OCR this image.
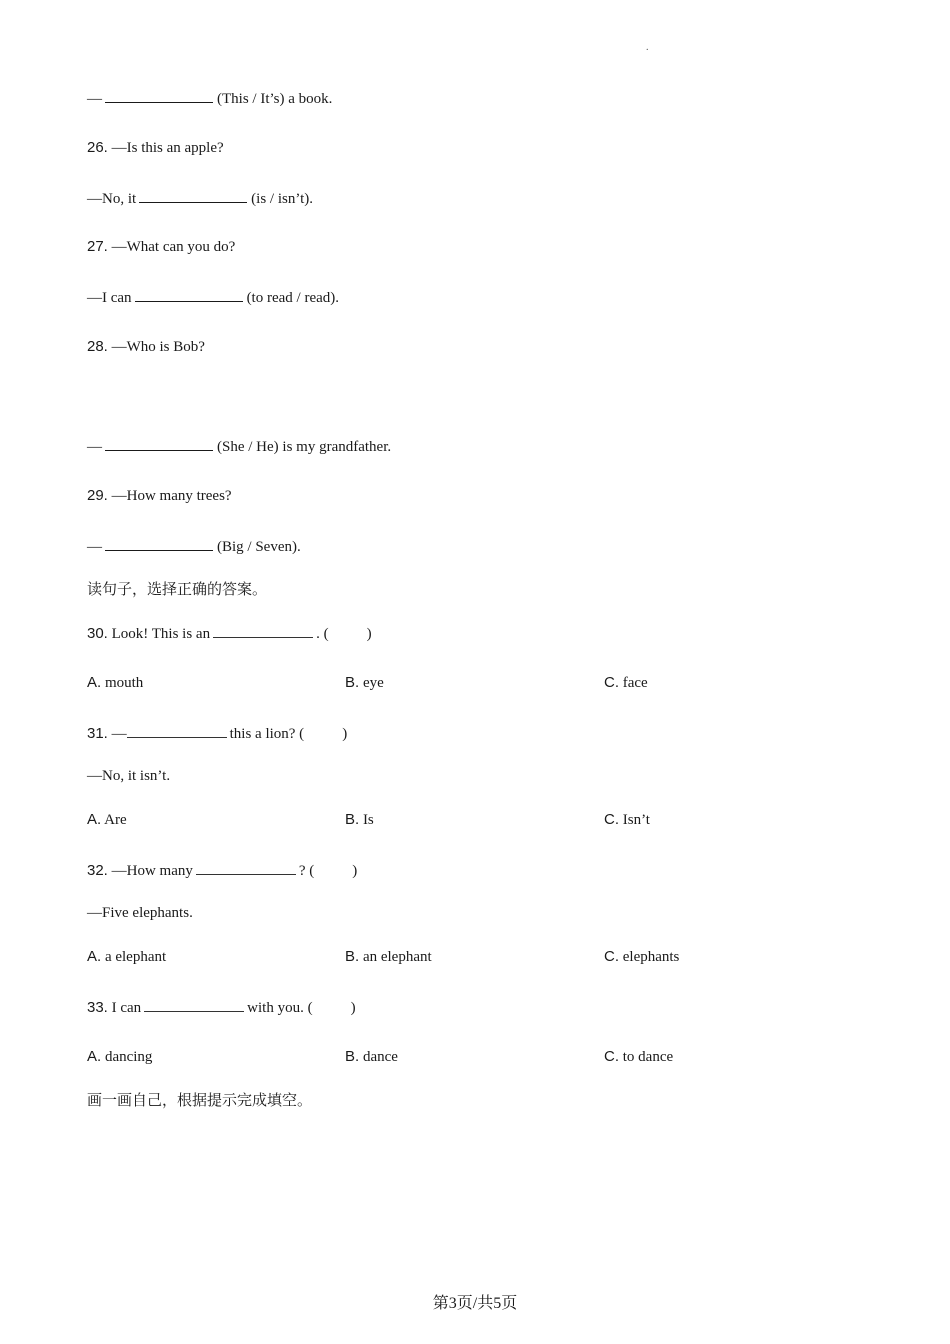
.
—	(This / It’s) a book.
26. —Is this an apple?
—No, it	(is / isn’t).
27. —What can you do?
—I can	(to read / read).
28. —Who is Bob?
—	(She / He) is my grandfather.
29. —How many trees?
—	(Big / Seven).
读句子，选择正确的答案。
30. Look! This is an	. (	)
A. mouth	B. eye	C. face
31. —	this a lion? (	)
—No, it isn’t.
A. Are	B. Is	C. Isn’t
32. —How many	? (	)
—Five elephants.
A. a elephant	B. an elephant	C. elephants
33. I can	with you. (	)
A. dancing	B. dance	C. to dance
画一画自己，根据提示完成填空。
第3页/共5页
